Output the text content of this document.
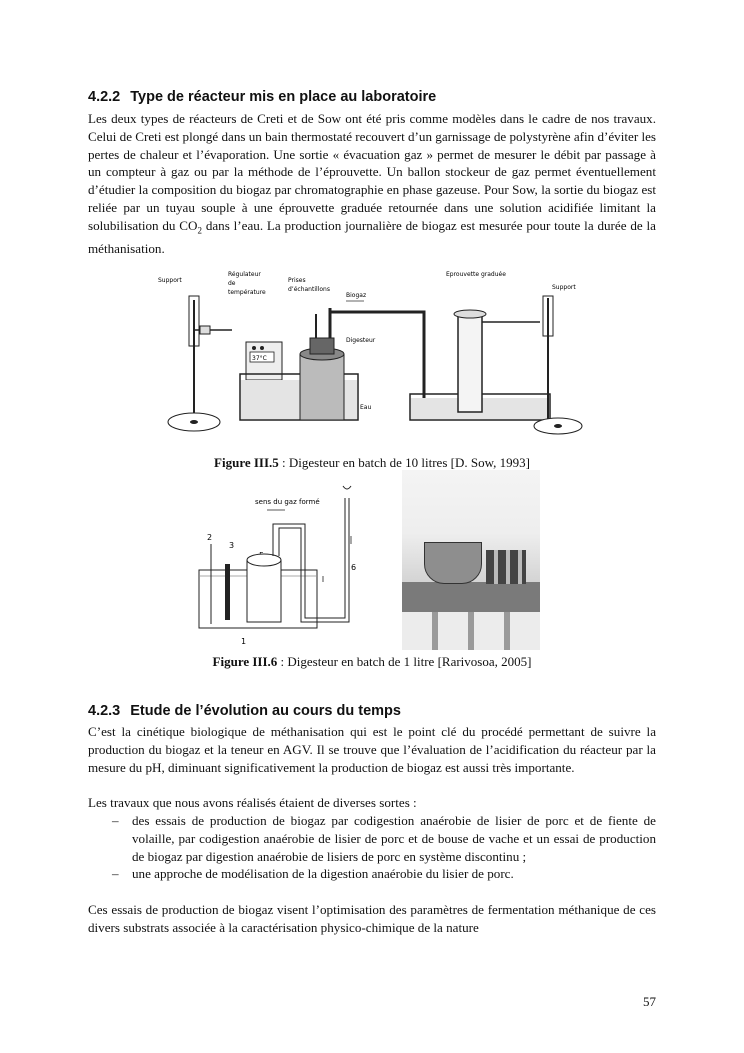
4.2.2 Type de réacteur mis en place au laboratoire

Les deux types de réacteurs de Creti et de Sow ont été pris comme modèles dans le cadre de nos travaux. Celui de Creti est plongé dans un bain thermostaté recouvert d’un garnissage de polystyrène afin d’éviter les pertes de chaleur et l’évaporation. Une sortie « évacuation gaz » permet de mesurer le débit par passage à un compteur à gaz ou par la méthode de l’éprouvette. Un ballon stockeur de gaz permet éventuellement d’étudier la composition du biogaz par chromatographie en phase gazeuse. Pour Sow, la sortie du biogaz est reliée par un tuyau souple à une éprouvette graduée retournée dans une solution acidifiée limitant la solubilisation du $CO_2$ dans l’eau. La production journalière de biogaz est mesurée pour toute la durée de la méthanisation.

Support
Régulateur
de
température
Prises
d’échantillons
Biogaz
Eprouvette graduée
Support
Digesteur
Eau
37°C

Figure III.5 : Digesteur en batch de 10 litres [D. Sow, 1993]

sens du gaz formé
2
3
6
1

Figure III.6 : Digesteur en batch de 1 litre [Rarivosoa, 2005]

4.2.3 Etude de l’évolution au cours du temps

C’est la cinétique biologique de méthanisation qui est le point clé du procédé permettant de suivre la production du biogaz et la teneur en AGV. Il se trouve que l’évaluation de l’acidification du réacteur par la mesure du pH, diminuant significativement la production de biogaz est aussi très importante.

Les travaux que nous avons réalisés étaient de diverses sortes :

– des essais de production de biogaz par codigestion anaérobie de lisier de porc et de fiente de volaille, par codigestion anaérobie de lisier de porc et de bouse de vache et un essai de production de biogaz par digestion anaérobie de lisiers de porc en système discontinu ;
– une approche de modélisation de la digestion anaérobie du lisier de porc.

Ces essais de production de biogaz visent l’optimisation des paramètres de fermentation méthanique de ces divers substrats associée à la caractérisation physico-chimique de la nature

57
